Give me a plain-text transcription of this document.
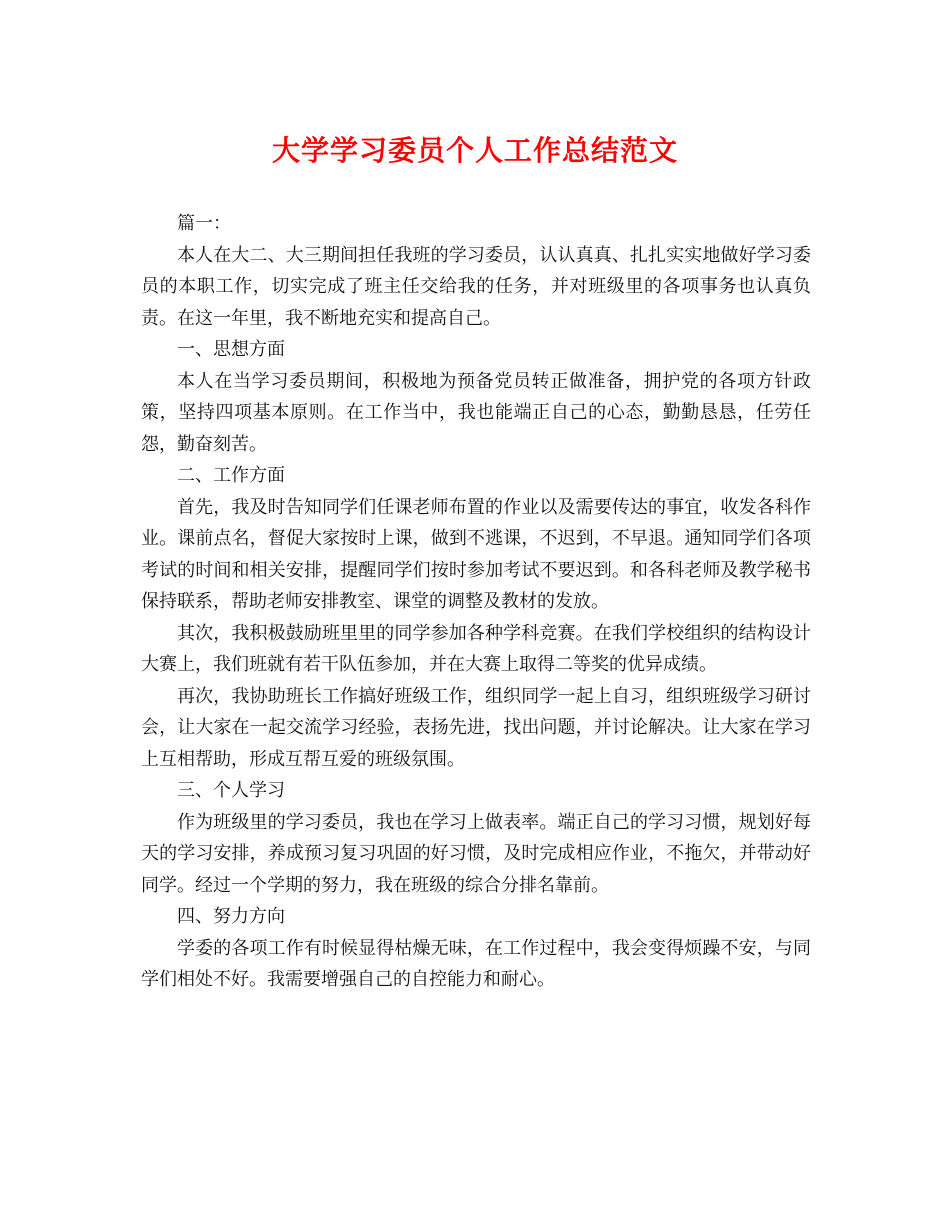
大学学习委员个人工作总结范文

篇一：

本人在大二、大三期间担任我班的学习委员，认认真真、扎扎实实地做好学习委员的本职工作，切实完成了班主任交给我的任务，并对班级里的各项事务也认真负责。在这一年里，我不断地充实和提高自己。

一、思想方面

本人在当学习委员期间，积极地为预备党员转正做准备，拥护党的各项方针政策，坚持四项基本原则。在工作当中，我也能端正自己的心态，勤勤恳恳，任劳任怨，勤奋刻苦。

二、工作方面

首先，我及时告知同学们任课老师布置的作业以及需要传达的事宜，收发各科作业。课前点名，督促大家按时上课，做到不逃课，不迟到，不早退。通知同学们各项考试的时间和相关安排，提醒同学们按时参加考试不要迟到。和各科老师及教学秘书保持联系，帮助老师安排教室、课堂的调整及教材的发放。

其次，我积极鼓励班里里的同学参加各种学科竞赛。在我们学校组织的结构设计大赛上，我们班就有若干队伍参加，并在大赛上取得二等奖的优异成绩。

再次，我协助班长工作搞好班级工作，组织同学一起上自习，组织班级学习研讨会，让大家在一起交流学习经验，表扬先进，找出问题，并讨论解决。让大家在学习上互相帮助，形成互帮互爱的班级氛围。

三、个人学习

作为班级里的学习委员，我也在学习上做表率。端正自己的学习习惯，规划好每天的学习安排，养成预习复习巩固的好习惯，及时完成相应作业，不拖欠，并带动好同学。经过一个学期的努力，我在班级的综合分排名靠前。

四、努力方向

学委的各项工作有时候显得枯燥无味，在工作过程中，我会变得烦躁不安，与同学们相处不好。我需要增强自己的自控能力和耐心。
